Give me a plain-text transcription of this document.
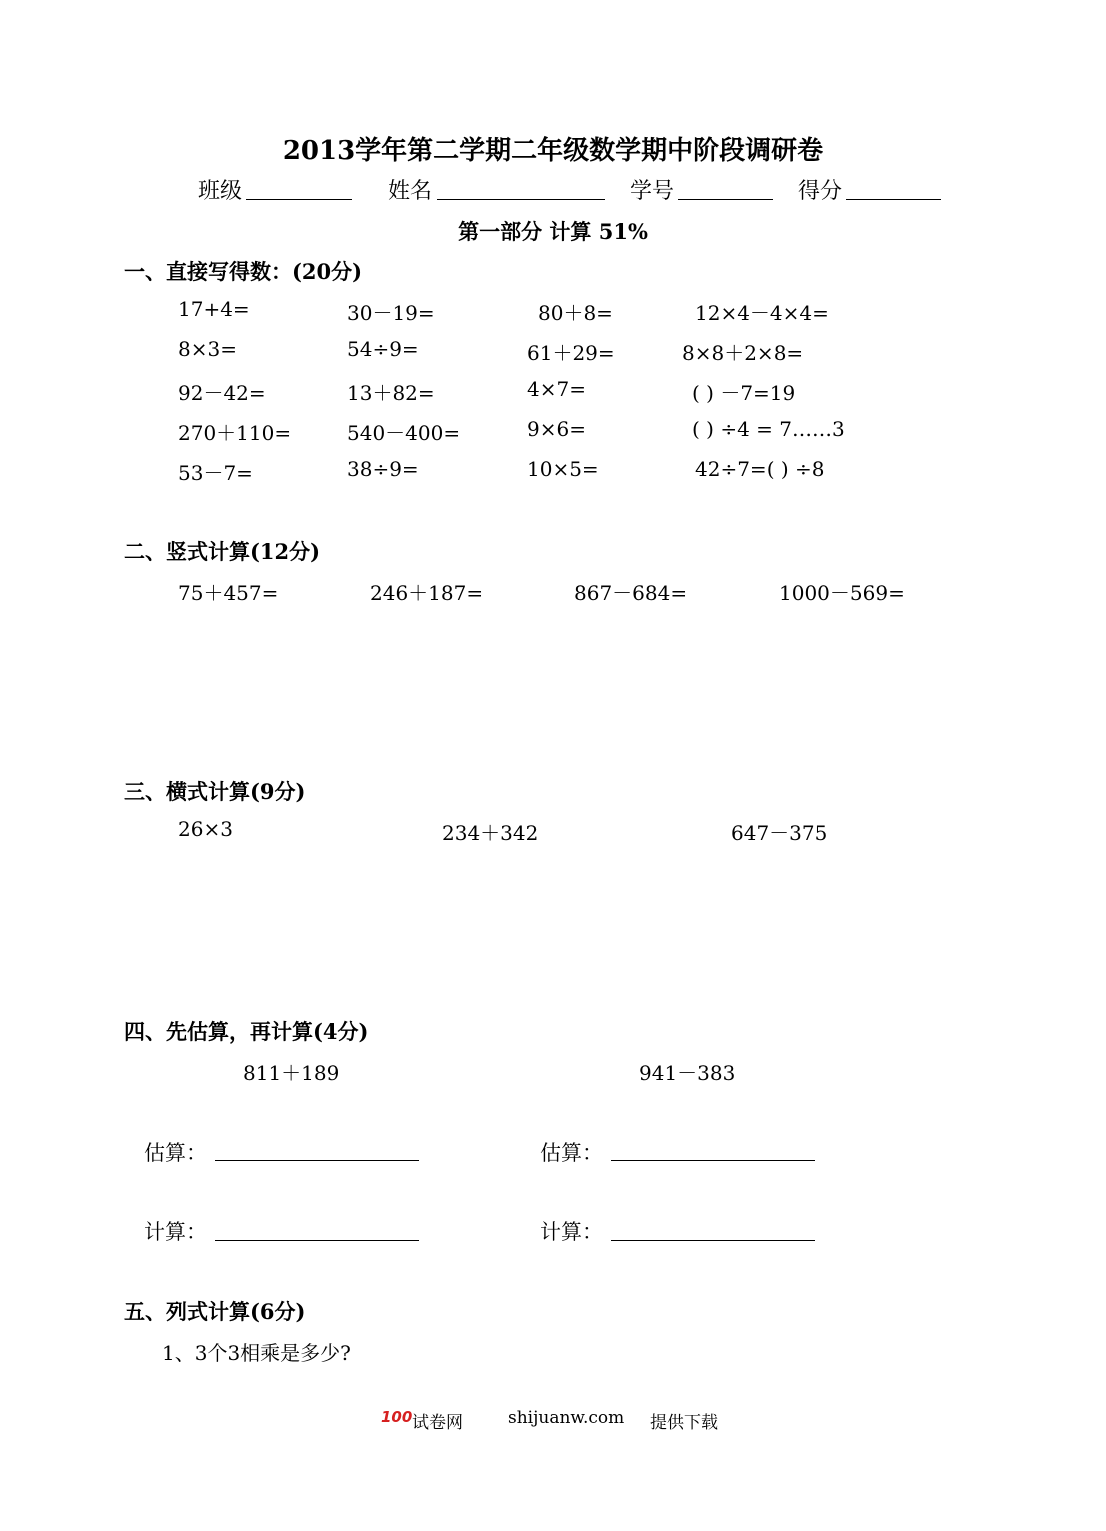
2013学年第二学期二年级数学期中阶段调研卷
班级	姓名	学号	得分
第一部分 计算 51%
一、直接写得数：(20分)
17+4=	30－19=	80＋8=	12×4－4×4=
8×3=	54÷9=	61＋29=	8×8＋2×8=
92－42=	13＋82=	4×7=	( ) －7=19
270＋110=	540－400=	9×6=	( ) ÷4 = 7……3
53－7=	38÷9=	10×5=	42÷7=( ) ÷8
二、竖式计算(12分)
75＋457=	246＋187=	867－684=	1000－569=
三、横式计算(9分)
26×3	234＋342	647－375
四、先估算，再计算(4分)
811＋189	941－383
估算：	估算：
计算：	计算：
五、列式计算(6分)
1、3个3相乘是多少?
100 试卷网	shijuanw.com 提供下载
